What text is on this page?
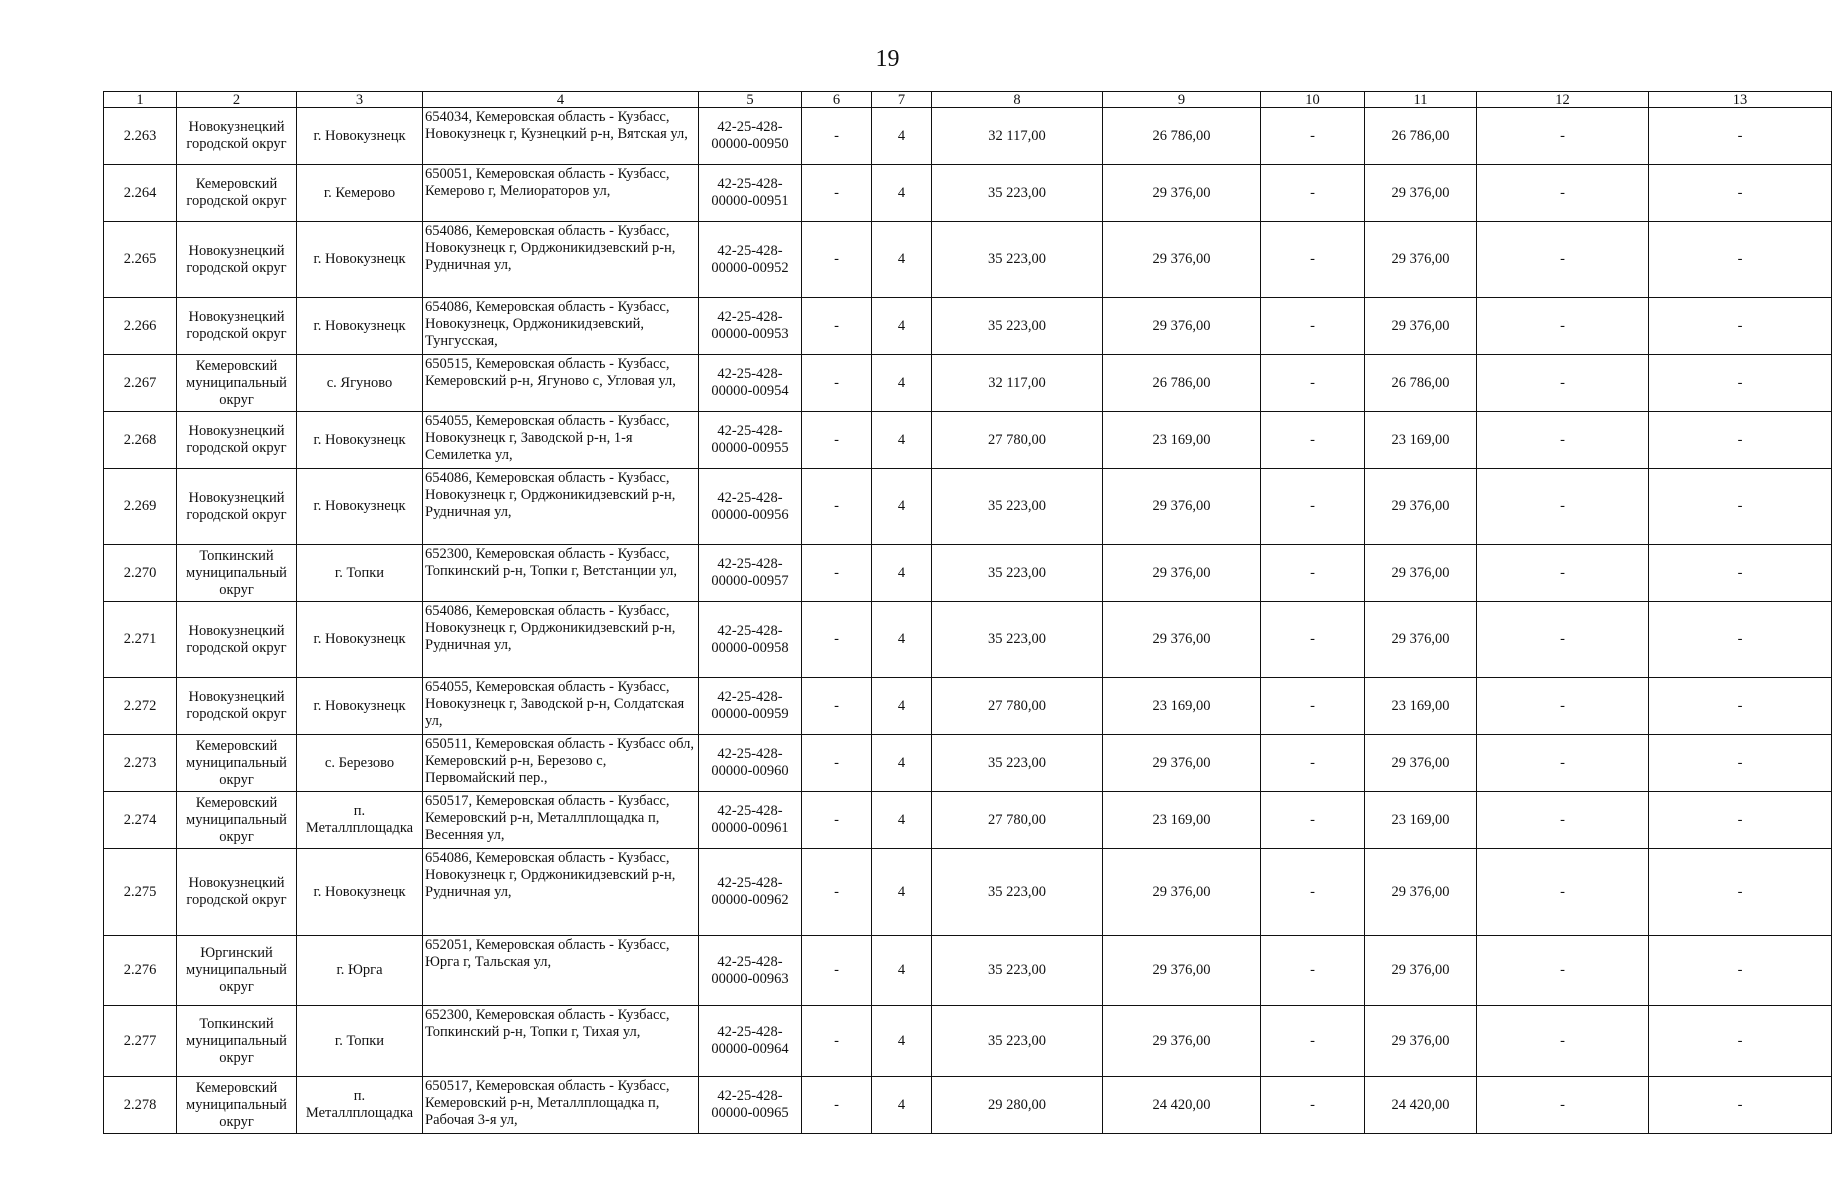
19
1	2	3	4	5	6	7	8	9	10	11	12	13
2.263	Новокузнецкий городской округ	г. Новокузнецк	654034, Кемеровская область - Кузбасс, Новокузнецк г, Кузнецкий р-н, Вятская ул,	42-25-428-00000-00950	-	4	32 117,00	26 786,00	-	26 786,00	-	-
2.264	Кемеровский городской округ	г. Кемерово	650051, Кемеровская область - Кузбасс, Кемерово г, Мелиораторов ул,	42-25-428-00000-00951	-	4	35 223,00	29 376,00	-	29 376,00	-	-
2.265	Новокузнецкий городской округ	г. Новокузнецк	654086, Кемеровская область - Кузбасс, Новокузнецк г, Орджоникидзевский р-н, Рудничная ул,	42-25-428-00000-00952	-	4	35 223,00	29 376,00	-	29 376,00	-	-
2.266	Новокузнецкий городской округ	г. Новокузнецк	654086, Кемеровская область - Кузбасс, Новокузнецк, Орджоникидзевский, Тунгусская,	42-25-428-00000-00953	-	4	35 223,00	29 376,00	-	29 376,00	-	-
2.267	Кемеровский муниципальный округ	с. Ягуново	650515, Кемеровская область - Кузбасс, Кемеровский р-н, Ягуново с, Угловая ул,	42-25-428-00000-00954	-	4	32 117,00	26 786,00	-	26 786,00	-	-
2.268	Новокузнецкий городской округ	г. Новокузнецк	654055, Кемеровская область - Кузбасс, Новокузнецк г, Заводской р-н, 1-я Семилетка ул,	42-25-428-00000-00955	-	4	27 780,00	23 169,00	-	23 169,00	-	-
2.269	Новокузнецкий городской округ	г. Новокузнецк	654086, Кемеровская область - Кузбасс, Новокузнецк г, Орджоникидзевский р-н, Рудничная ул,	42-25-428-00000-00956	-	4	35 223,00	29 376,00	-	29 376,00	-	-
2.270	Топкинский муниципальный округ	г. Топки	652300, Кемеровская область - Кузбасс, Топкинский р-н, Топки г, Ветстанции ул,	42-25-428-00000-00957	-	4	35 223,00	29 376,00	-	29 376,00	-	-
2.271	Новокузнецкий городской округ	г. Новокузнецк	654086, Кемеровская область - Кузбасс, Новокузнецк г, Орджоникидзевский р-н, Рудничная ул,	42-25-428-00000-00958	-	4	35 223,00	29 376,00	-	29 376,00	-	-
2.272	Новокузнецкий городской округ	г. Новокузнецк	654055, Кемеровская область - Кузбасс, Новокузнецк г, Заводской р-н, Солдатская ул,	42-25-428-00000-00959	-	4	27 780,00	23 169,00	-	23 169,00	-	-
2.273	Кемеровский муниципальный округ	с. Березово	650511, Кемеровская область - Кузбасс обл, Кемеровский р-н, Березово с, Первомайский пер.,	42-25-428-00000-00960	-	4	35 223,00	29 376,00	-	29 376,00	-	-
2.274	Кемеровский муниципальный округ	п. Металлплощадка	650517, Кемеровская область - Кузбасс, Кемеровский р-н, Металлплощадка п, Весенняя ул,	42-25-428-00000-00961	-	4	27 780,00	23 169,00	-	23 169,00	-	-
2.275	Новокузнецкий городской округ	г. Новокузнецк	654086, Кемеровская область - Кузбасс, Новокузнецк г, Орджоникидзевский р-н, Рудничная ул,	42-25-428-00000-00962	-	4	35 223,00	29 376,00	-	29 376,00	-	-
2.276	Юргинский муниципальный округ	г. Юрга	652051, Кемеровская область - Кузбасс, Юрга г, Тальская ул,	42-25-428-00000-00963	-	4	35 223,00	29 376,00	-	29 376,00	-	-
2.277	Топкинский муниципальный округ	г. Топки	652300, Кемеровская область - Кузбасс, Топкинский р-н, Топки г, Тихая ул,	42-25-428-00000-00964	-	4	35 223,00	29 376,00	-	29 376,00	-	-
2.278	Кемеровский муниципальный округ	п. Металлплощадка	650517, Кемеровская область - Кузбасс, Кемеровский р-н, Металлплощадка п, Рабочая 3-я ул,	42-25-428-00000-00965	-	4	29 280,00	24 420,00	-	24 420,00	-	-
